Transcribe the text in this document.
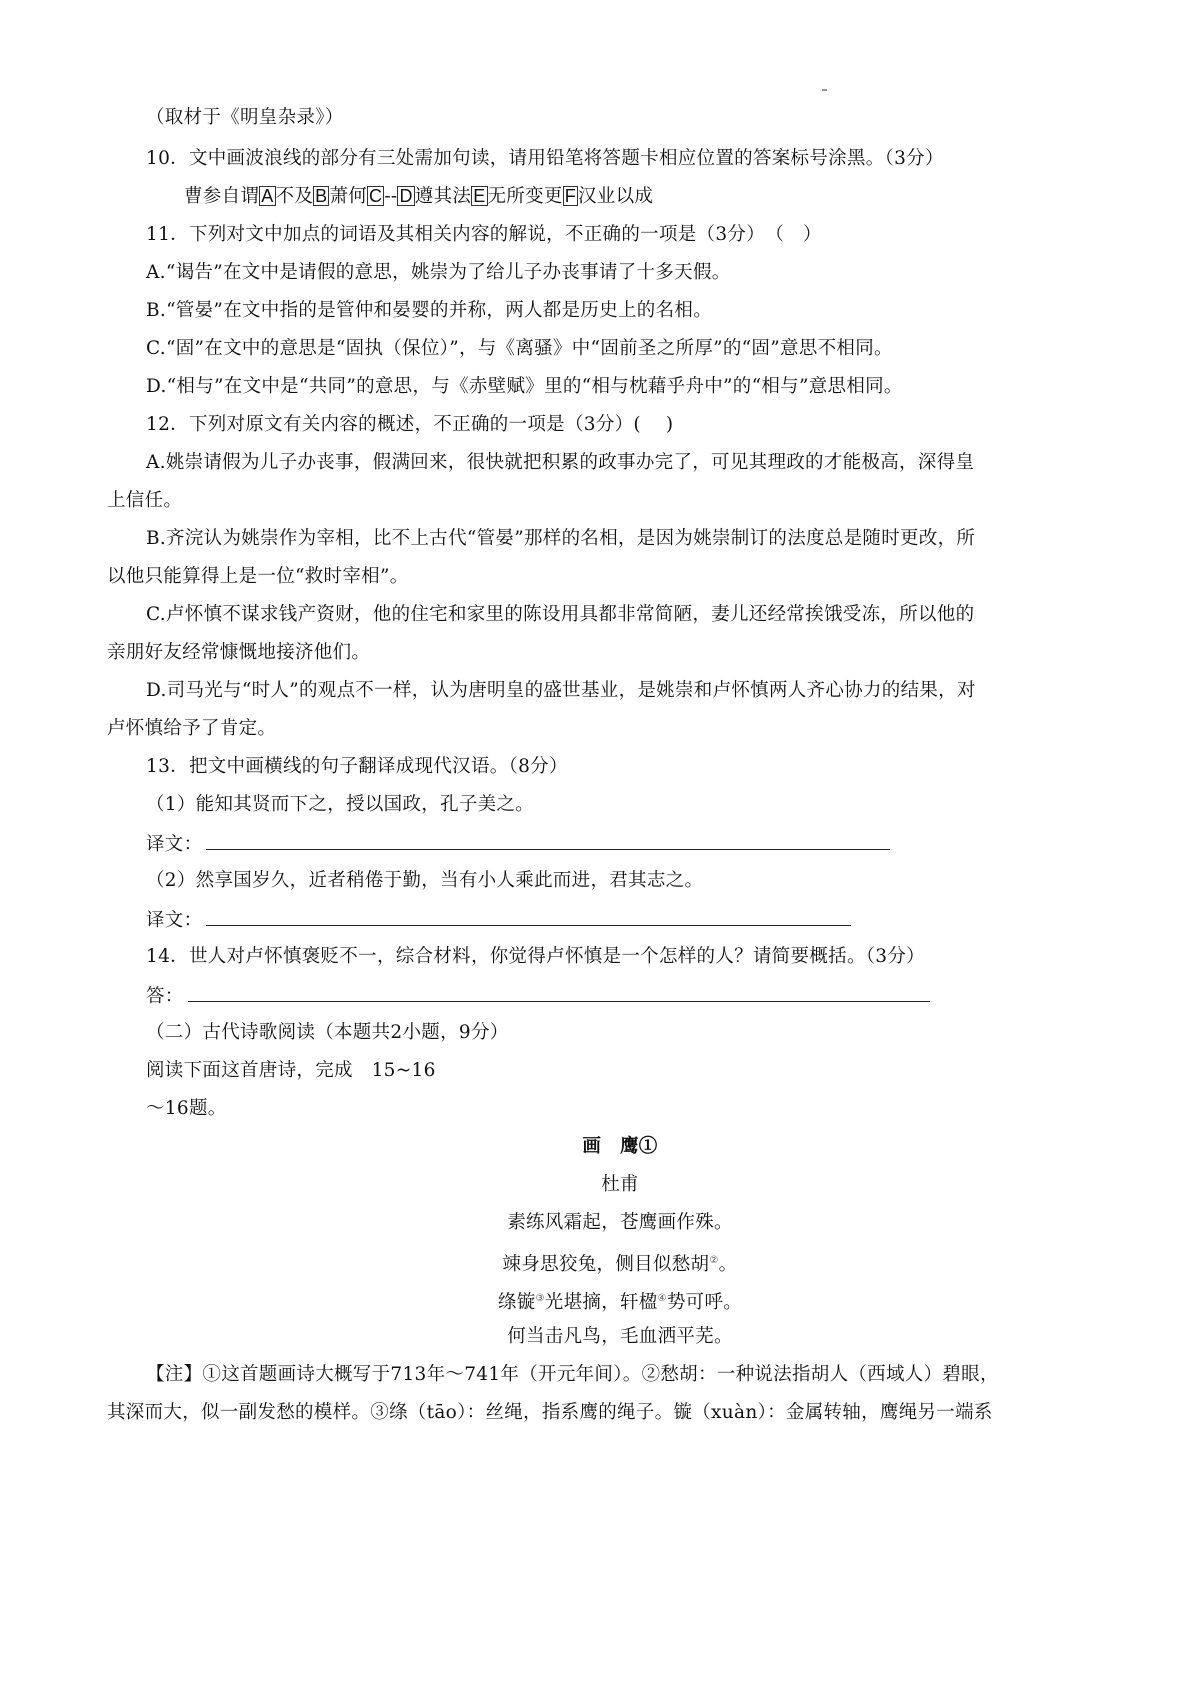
（取材于《明皇杂录》）
10．文中画波浪线的部分有三处需加句读，请用铅笔将答题卡相应位置的答案标号涂黑。（3分）
曹参自谓 A 不及 B 萧何 C -- D 遵其法 E 无所变更 F 汉业以成
11．下列对文中加点的词语及其相关内容的解说，不正确的一项是（3分）　（　）
A.“谒告”在文中是请假的意思，姚崇为了给儿子办丧事请了十多天假。
B.“管晏”在文中指的是管仲和晏婴的并称，两人都是历史上的名相。
C.“固”在文中的意思是“固执（保位）”，与《离骚》中“固前圣之所厚”的“固”意思不相同。
D.“相与”在文中是“共同”的意思，与《赤壁赋》里的“相与枕藉乎舟中”的“相与”意思相同。
12．下列对原文有关内容的概述，不正确的一项是（3分）(　 )
A.姚崇请假为儿子办丧事，假满回来，很快就把积累的政事办完了，可见其理政的才能极高，深得皇
上信任。
B.齐浣认为姚崇作为宰相，比不上古代“管晏”那样的名相，是因为姚崇制订的法度总是随时更改，所
以他只能算得上是一位“救时宰相”。
C.卢怀慎不谋求钱产资财，他的住宅和家里的陈设用具都非常简陋，妻儿还经常挨饿受冻，所以他的
亲朋好友经常慷慨地接济他们。
D.司马光与“时人”的观点不一样，认为唐明皇的盛世基业，是姚崇和卢怀慎两人齐心协力的结果，对
卢怀慎给予了肯定。
13．把文中画横线的句子翻译成现代汉语。（8分）
（1）能知其贤而下之，授以国政，孔子美之。
译文：
（2）然享国岁久，近者稍倦于勤，当有小人乘此而进，君其志之。
译文：
14．世人对卢怀慎褒贬不一，综合材料，你觉得卢怀慎是一个怎样的人？请简要概括。（3分）
答：
（二）古代诗歌阅读（本题共2小题，9分）
阅读下面这首唐诗，完成　15~16
～16题。
画　鹰①
杜甫
素练风霜起，苍鹰画作殊。
竦身思狡兔，侧目似愁胡②。
绦镟③光堪摘，轩楹④势可呼。
何当击凡鸟，毛血洒平芜。
【注】①这首题画诗大概写于713年～741年（开元年间）。②愁胡：一种说法指胡人（西域人）碧眼，
其深而大，似一副发愁的模样。③绦（tāo）：丝绳，指系鹰的绳子。镟（xuàn）：金属转轴，鹰绳另一端系
